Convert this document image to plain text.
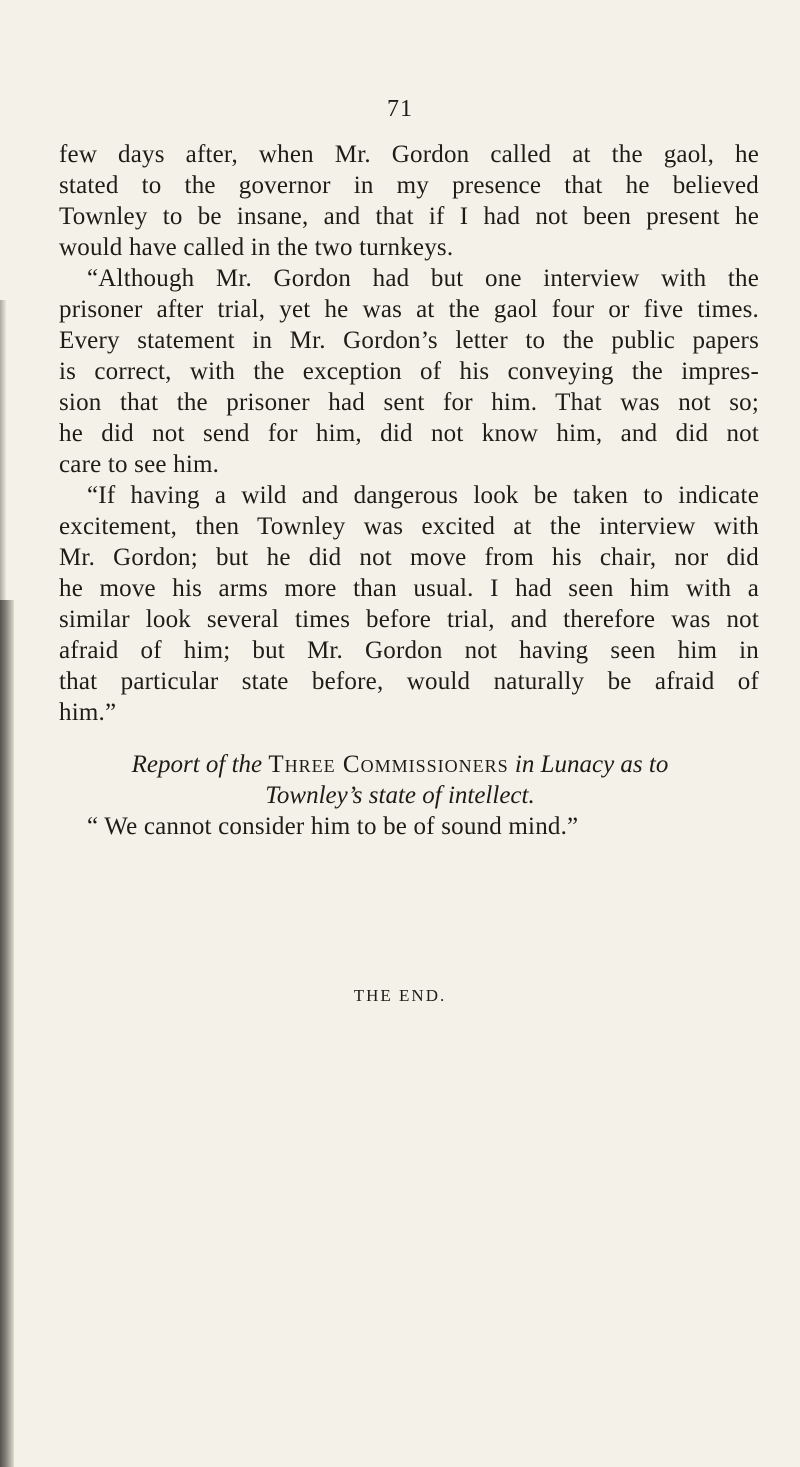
71
few days after, when Mr. Gordon called at the gaol, he
stated to the governor in my presence that he believed
Townley to be insane, and that if I had not been present he
would have called in the two turnkeys.
“Although Mr. Gordon had but one interview with the
prisoner after trial, yet he was at the gaol four or five times.
Every statement in Mr. Gordon’s letter to the public papers
is correct, with the exception of his conveying the impres-
sion that the prisoner had sent for him. That was not so;
he did not send for him, did not know him, and did not
care to see him.
“If having a wild and dangerous look be taken to indicate
excitement, then Townley was excited at the interview with
Mr. Gordon; but he did not move from his chair, nor did
he move his arms more than usual. I had seen him with a
similar look several times before trial, and therefore was not
afraid of him; but Mr. Gordon not having seen him in
that particular state before, would naturally be afraid of
him.”
Report of the Three Commissioners in Lunacy as to
Townley’s state of intellect.
“ We cannot consider him to be of sound mind.”
THE END.
